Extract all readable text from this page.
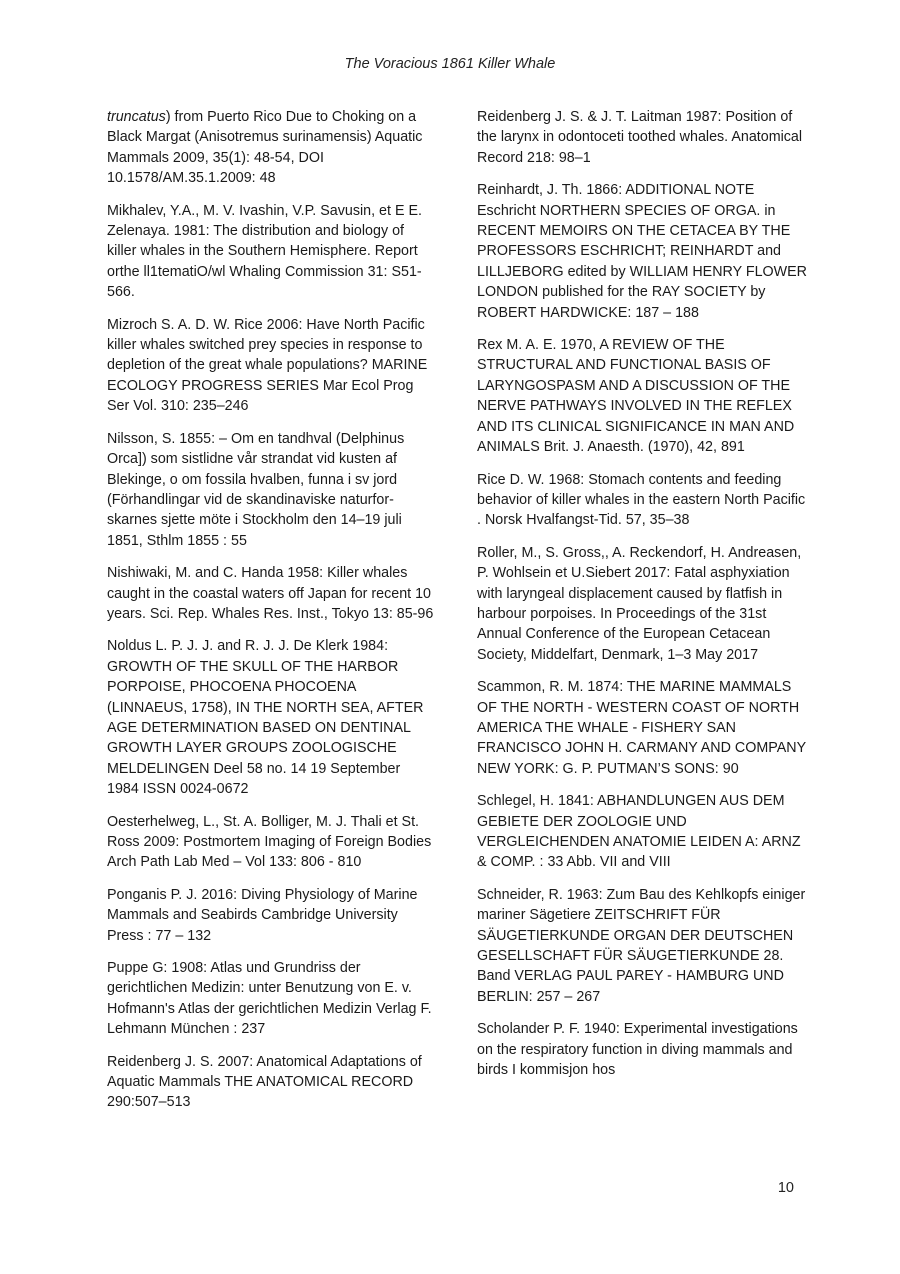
The Voracious 1861 Killer Whale

truncatus) from Puerto Rico Due to Choking on a Black Margat (Anisotremus surinamensis) Aquatic Mammals 2009, 35(1): 48-54, DOI 10.1578/AM.35.1.2009: 48

Mikhalev, Y.A., M. V. Ivashin, V.P. Savusin, et E E. Zelenaya. 1981: The distribution and biology of killer whales in the Southern Hemisphere. Report orthe ll1tematiO/wl Whaling Commission 31: S51-566.

Mizroch S. A. D. W. Rice 2006: Have North Pacific killer whales switched prey species in response to depletion of the great whale populations? MARINE ECOLOGY PROGRESS SERIES Mar Ecol Prog Ser Vol. 310: 235–246

Nilsson, S. 1855: – Om en tandhval (Delphinus Orca]) som sistlidne vår strandat vid kusten af Blekinge, o om fossila hvalben, funna i sv jord (Förhandlingar vid de skandinaviske naturfor-skarnes sjette möte i Stockholm den 14–19 juli 1851, Sthlm 1855 : 55

Nishiwaki, M. and C. Handa 1958: Killer whales caught in the coastal waters off Japan for recent 10 years. Sci. Rep. Whales Res. Inst., Tokyo 13: 85-96

Noldus L. P. J. J. and R. J. J. De Klerk 1984: GROWTH OF THE SKULL OF THE HARBOR PORPOISE, PHOCOENA PHOCOENA (LINNAEUS, 1758), IN THE NORTH SEA, AFTER AGE DETERMINATION BASED ON DENTINAL GROWTH LAYER GROUPS ZOOLOGISCHE MELDELINGEN Deel 58 no. 14 19 September 1984 ISSN 0024-0672

Oesterhelweg, L., St. A. Bolliger, M. J. Thali et St. Ross 2009: Postmortem Imaging of Foreign Bodies Arch Path Lab Med – Vol 133: 806 - 810

Ponganis P. J. 2016: Diving Physiology of Marine Mammals and Seabirds Cambridge University Press : 77 – 132

Puppe G: 1908: Atlas und Grundriss der gerichtlichen Medizin: unter Benutzung von E. v. Hofmann's Atlas der gerichtlichen Medizin Verlag F. Lehmann München : 237

Reidenberg J. S. 2007: Anatomical Adaptations of Aquatic Mammals THE ANATOMICAL RECORD 290:507–513

Reidenberg J. S. & J. T. Laitman 1987: Position of the larynx in odontoceti toothed whales. Anatomical Record 218: 98–1

Reinhardt, J. Th. 1866: ADDITIONAL NOTE Eschricht NORTHERN SPECIES OF ORGA. in RECENT MEMOIRS ON THE CETACEA BY THE PROFESSORS ESCHRICHT; REINHARDT and LILLJEBORG edited by WILLIAM HENRY FLOWER LONDON published for the RAY SOCIETY by ROBERT HARDWICKE: 187 – 188

Rex M. A. E. 1970, A REVIEW OF THE STRUCTURAL AND FUNCTIONAL BASIS OF LARYNGOSPASM AND A DISCUSSION OF THE NERVE PATHWAYS INVOLVED IN THE REFLEX AND ITS CLINICAL SIGNIFICANCE IN MAN AND ANIMALS Brit. J. Anaesth. (1970), 42, 891

Rice D. W. 1968: Stomach contents and feeding behavior of killer whales in the eastern North Pacific . Norsk Hvalfangst-Tid. 57, 35–38

Roller, M., S. Gross,, A. Reckendorf, H. Andreasen, P. Wohlsein et U.Siebert 2017: Fatal asphyxiation with laryngeal displacement caused by flatfish in harbour porpoises. In Proceedings of the 31st Annual Conference of the European Cetacean Society, Middelfart, Denmark, 1–3 May 2017

Scammon, R. M. 1874: THE MARINE MAMMALS OF THE NORTH - WESTERN COAST OF NORTH AMERICA THE WHALE - FISHERY SAN FRANCISCO JOHN H. CARMANY AND COMPANY NEW YORK: G. P. PUTMAN’S SONS: 90

Schlegel, H. 1841: ABHANDLUNGEN AUS DEM GEBIETE DER ZOOLOGIE UND VERGLEICHENDEN ANATOMIE LEIDEN A: ARNZ & COMP. : 33 Abb. VII and VIII

Schneider, R. 1963: Zum Bau des Kehlkopfs einiger mariner Sägetiere ZEITSCHRIFT FÜR SÄUGETIERKUNDE ORGAN DER DEUTSCHEN GESELLSCHAFT FÜR SÄUGETIERKUNDE 28. Band VERLAG PAUL PAREY - HAMBURG UND BERLIN: 257 – 267

Scholander P. F. 1940: Experimental investigations on the respiratory function in diving mammals and birds I kommisjon hos

10
